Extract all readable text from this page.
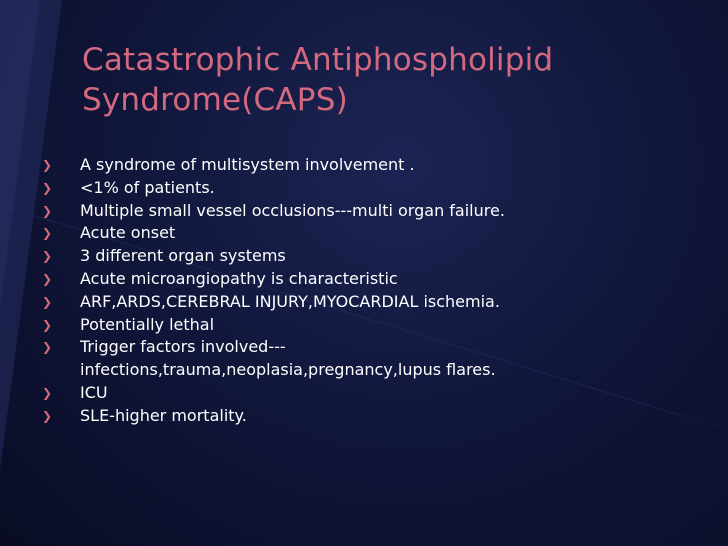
Catastrophic Antiphospholipid
Syndrome(CAPS)
❯	A syndrome of multisystem involvement .
❯	<1% of patients.
❯	Multiple small vessel occlusions---multi organ failure.
❯	Acute onset
❯	3 different organ systems
❯	Acute microangiopathy is characteristic
❯	ARF,ARDS,CEREBRAL INJURY,MYOCARDIAL ischemia.
❯	Potentially lethal
❯	Trigger factors involved---
infections,trauma,neoplasia,pregnancy,lupus flares.
❯	ICU
❯	SLE-higher mortality.
